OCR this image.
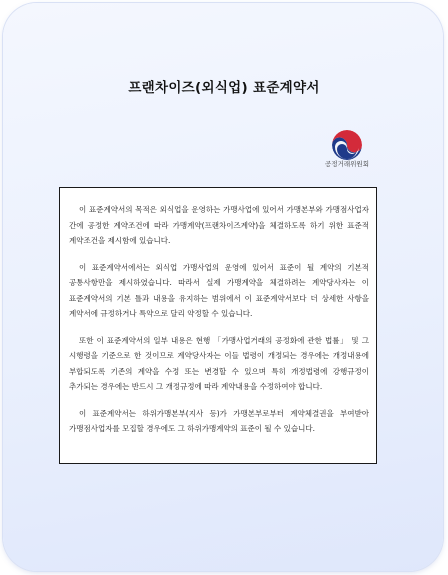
프랜차이즈(외식업) 표준계약서
공정거래위원회

이 표준계약서의 목적은 외식업을 운영하는 가맹사업에 있어서 가맹본부와 가맹점사업자 간에 공정한 계약조건에 따라 가맹계약(프랜차이즈계약)을 체결하도록 하기 위한 표준적 계약조건을 제시함에 있습니다.

이 표준계약서에서는 외식업 가맹사업의 운영에 있어서 표준이 될 계약의 기본적 공통사항만을 제시하였습니다. 따라서 실제 가맹계약을 체결하려는 계약당사자는 이 표준계약서의 기본 틀과 내용을 유지하는 범위에서 이 표준계약서보다 더 상세한 사항을 계약서에 규정하거나 특약으로 달리 약정할 수 있습니다.

또한 이 표준계약서의 일부 내용은 현행 「가맹사업거래의 공정화에 관한 법률」 및 그 시행령을 기준으로 한 것이므로 계약당사자는 이들 법령이 개정되는 경우에는 개정내용에 부합되도록 기존의 계약을 수정 또는 변경할 수 있으며 특히 개정법령에 강행규정이 추가되는 경우에는 반드시 그 개정규정에 따라 계약내용을 수정하여야 합니다.

이 표준계약서는 하위가맹본부(지사 등)가 가맹본부로부터 계약체결권을 부여받아 가맹점사업자를 모집할 경우에도 그 하위가맹계약의 표준이 될 수 있습니다.
